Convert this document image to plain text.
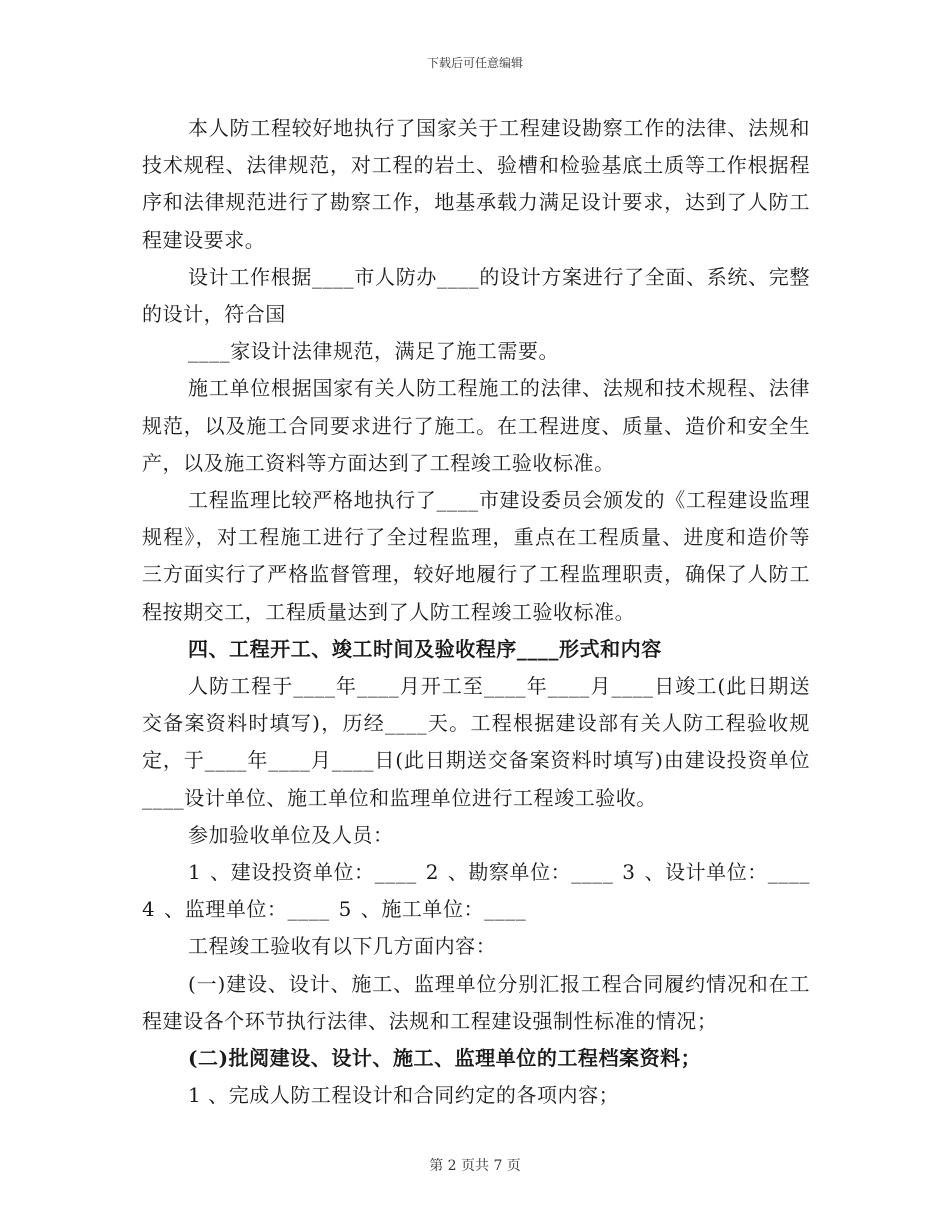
下载后可任意编辑

本人防工程较好地执行了国家关于工程建设勘察工作的法律、法规和技术规程、法律规范，对工程的岩土、验槽和检验基底土质等工作根据程序和法律规范进行了勘察工作，地基承载力满足设计要求，达到了人防工程建设要求。

设计工作根据____市人防办____的设计方案进行了全面、系统、完整的设计，符合国

____家设计法律规范，满足了施工需要。

施工单位根据国家有关人防工程施工的法律、法规和技术规程、法律规范，以及施工合同要求进行了施工。在工程进度、质量、造价和安全生产，以及施工资料等方面达到了工程竣工验收标准。

工程监理比较严格地执行了____市建设委员会颁发的《工程建设监理规程》，对工程施工进行了全过程监理，重点在工程质量、进度和造价等三方面实行了严格监督管理，较好地履行了工程监理职责，确保了人防工程按期交工，工程质量达到了人防工程竣工验收标准。

四、工程开工、竣工时间及验收程序____形式和内容

人防工程于____年____月开工至____年____月____日竣工(此日期送交备案资料时填写)，历经____天。工程根据建设部有关人防工程验收规定，于____年____月____日(此日期送交备案资料时填写)由建设投资单位____设计单位、施工单位和监理单位进行工程竣工验收。

参加验收单位及人员：

1 、建设投资单位：____ 2 、勘察单位：____ 3 、设计单位：____ 4 、监理单位：____ 5 、施工单位：____

工程竣工验收有以下几方面内容：

(一)建设、设计、施工、监理单位分别汇报工程合同履约情况和在工程建设各个环节执行法律、法规和工程建设强制性标准的情况；

(二)批阅建设、设计、施工、监理单位的工程档案资料；

1 、完成人防工程设计和合同约定的各项内容；

第 2 页共 7 页
